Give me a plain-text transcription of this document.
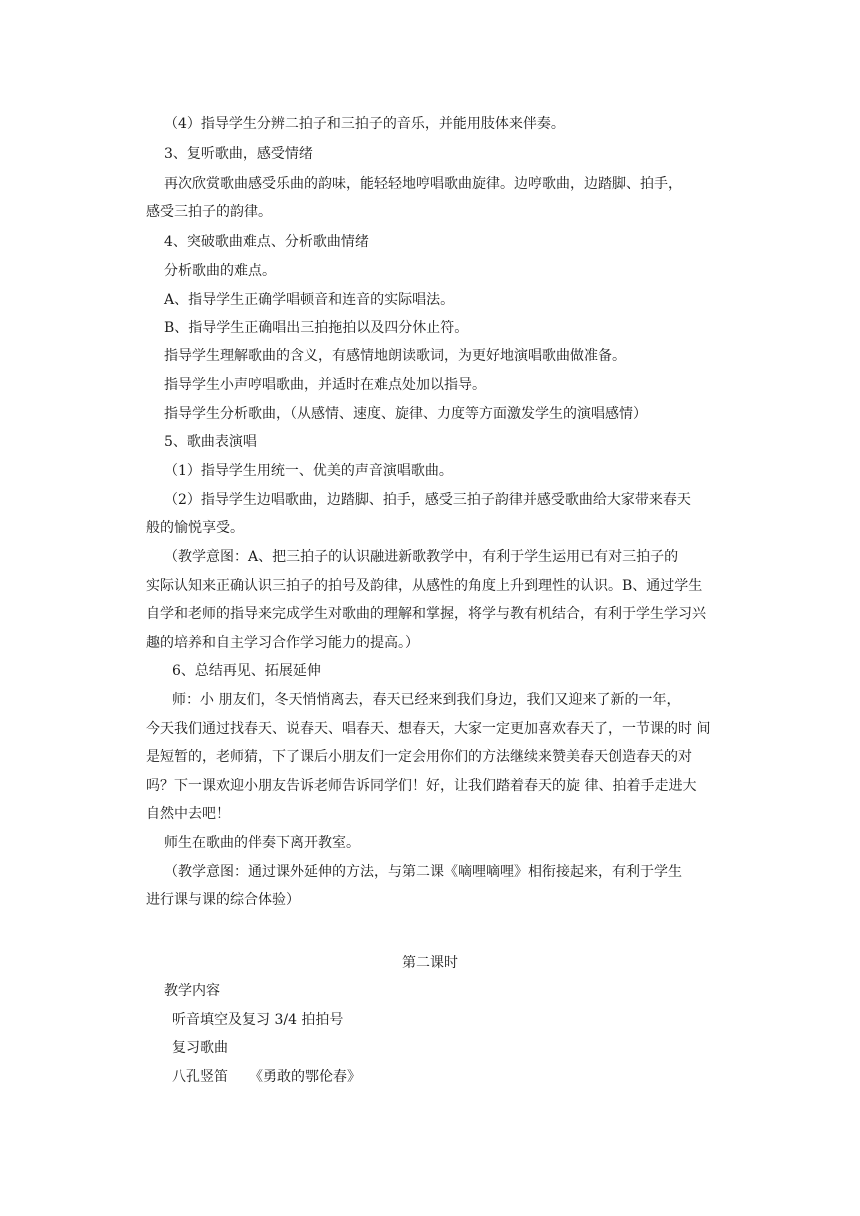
（4）指导学生分辨二拍子和三拍子的音乐，并能用肢体来伴奏。
3、复听歌曲，感受情绪
再次欣赏歌曲感受乐曲的韵味，能轻轻地哼唱歌曲旋律。边哼歌曲，边踏脚、拍手，
感受三拍子的韵律。
4、突破歌曲难点、分析歌曲情绪
分析歌曲的难点。
A、指导学生正确学唱顿音和连音的实际唱法。
B、指导学生正确唱出三拍拖拍以及四分休止符。
指导学生理解歌曲的含义，有感情地朗读歌词，为更好地演唱歌曲做准备。
指导学生小声哼唱歌曲，并适时在难点处加以指导。
指导学生分析歌曲，（从感情、速度、旋律、力度等方面激发学生的演唱感情）
5、歌曲表演唱
（1）指导学生用统一、优美的声音演唱歌曲。
（2）指导学生边唱歌曲，边踏脚、拍手，感受三拍子韵律并感受歌曲给大家带来春天
般的愉悦享受。
（教学意图：A、把三拍子的认识融进新歌教学中，有利于学生运用已有对三拍子的
实际认知来正确认识三拍子的拍号及韵律，从感性的角度上升到理性的认识。B、通过学生
自学和老师的指导来完成学生对歌曲的理解和掌握，将学与教有机结合，有利于学生学习兴
趣的培养和自主学习合作学习能力的提高。）
6、总结再见、拓展延伸
师：小 朋友们，冬天悄悄离去，春天已经来到我们身边，我们又迎来了新的一年，
今天我们通过找春天、说春天、唱春天、想春天，大家一定更加喜欢春天了，一节课的时 间
是短暂的，老师猜，下了课后小朋友们一定会用你们的方法继续来赞美春天创造春天的对
吗？下一课欢迎小朋友告诉老师告诉同学们！好，让我们踏着春天的旋 律、拍着手走进大
自然中去吧！
师生在歌曲的伴奏下离开教室。
（教学意图：通过课外延伸的方法，与第二课《嘀哩嘀哩》相衔接起来，有利于学生
进行课与课的综合体验）
第二课时
教学内容
听音填空及复习 3/4 拍拍号
复习歌曲
八孔竖笛　　《勇敢的鄂伦春》
